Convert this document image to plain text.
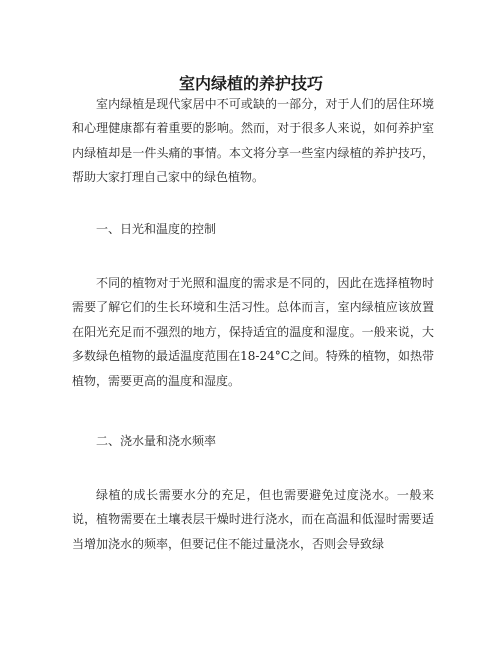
室内绿植的养护技巧

室内绿植是现代家居中不可或缺的一部分，对于人们的居住环境和心理健康都有着重要的影响。然而，对于很多人来说，如何养护室内绿植却是一件头痛的事情。本文将分享一些室内绿植的养护技巧，帮助大家打理自己家中的绿色植物。

一、日光和温度的控制

不同的植物对于光照和温度的需求是不同的，因此在选择植物时需要了解它们的生长环境和生活习性。总体而言，室内绿植应该放置在阳光充足而不强烈的地方，保持适宜的温度和湿度。一般来说，大多数绿色植物的最适温度范围在18-24°C之间。特殊的植物，如热带植物，需要更高的温度和湿度。

二、浇水量和浇水频率

绿植的成长需要水分的充足，但也需要避免过度浇水。一般来说，植物需要在土壤表层干燥时进行浇水，而在高温和低湿时需要适当增加浇水的频率，但要记住不能过量浇水，否则会导致绿
